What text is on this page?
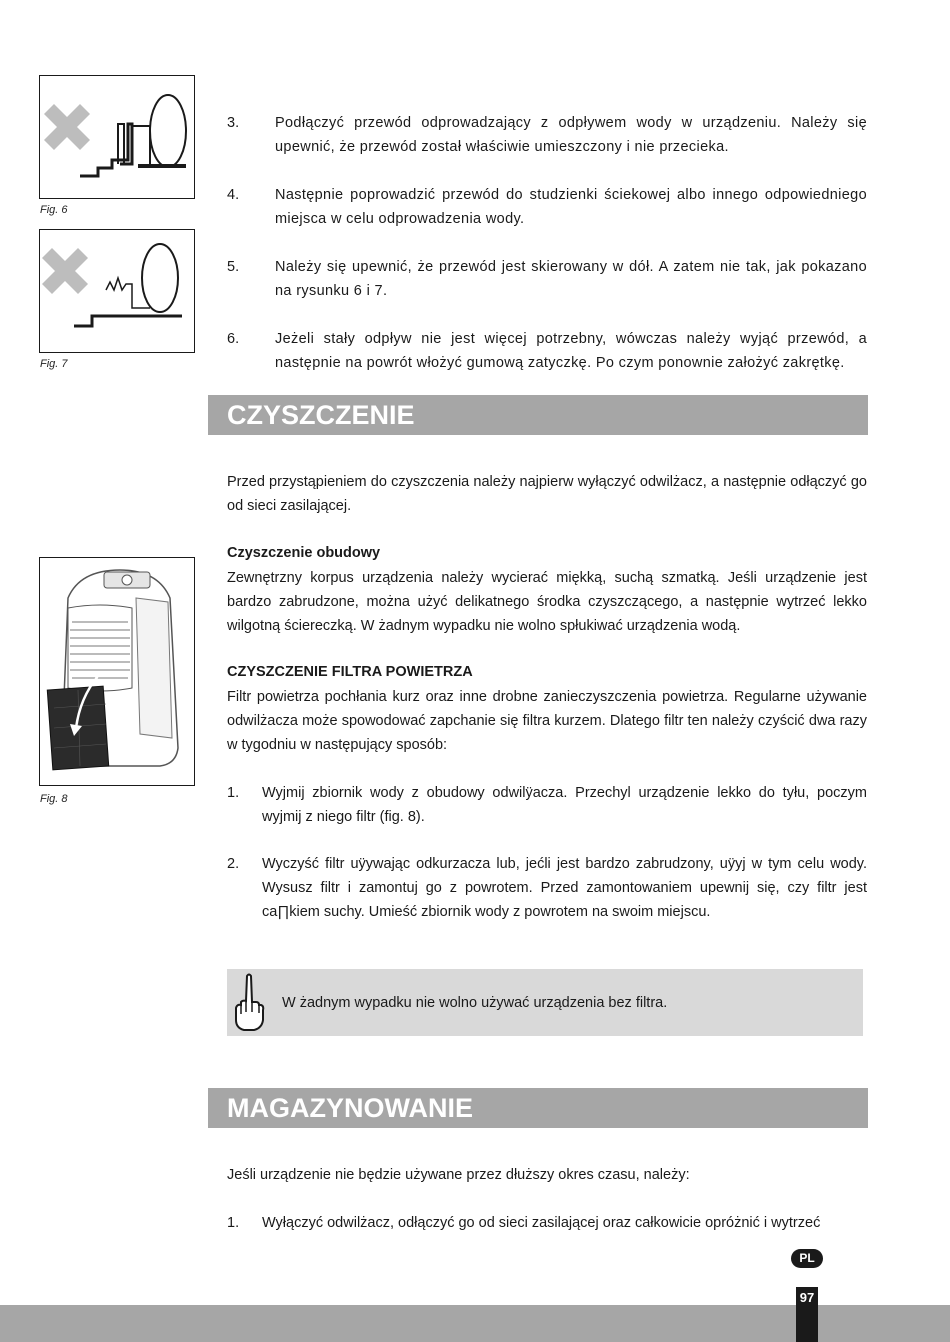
Fig. 6
Fig. 7
3. Podłączyć przewód odprowadzający z odpływem wody w urządzeniu. Należy się upewnić, że przewód został właściwie umieszczony i nie przecieka.
4. Następnie poprowadzić przewód do studzienki ściekowej albo innego odpowiedniego miejsca w celu odprowadzenia wody.
5. Należy się upewnić, że przewód jest skierowany w dół. A zatem nie tak, jak pokazano na rysunku 6 i 7.
6. Jeżeli stały odpływ nie jest więcej potrzebny, wówczas należy wyjąć przewód, a następnie na powrót włożyć gumową zatyczkę. Po czym ponownie założyć zakrętkę.
CZYSZCZENIE
Przed przystąpieniem do czyszczenia należy najpierw wyłączyć odwilżacz, a następnie odłączyć go od sieci zasilającej.
Fig. 8
Czyszczenie obudowy
Zewnętrzny korpus urządzenia należy wycierać miękką, suchą szmatką. Jeśli urządzenie jest bardzo zabrudzone, można użyć delikatnego środka czyszczącego, a następnie wytrzeć lekko wilgotną ściereczką. W żadnym wypadku nie wolno spłukiwać urządzenia wodą.
CZYSZCZENIE FILTRA POWIETRZA
Filtr powietrza pochłania kurz oraz inne drobne zanieczyszczenia powietrza. Regularne używanie odwilżacza może spowodować zapchanie się filtra kurzem. Dlatego filtr ten należy czyścić dwa razy w tygodniu w następujący sposób:
1. Wyjmij zbiornik wody z obudowy odwilÿacza. Przechyl urządzenie lekko do tyłu, poczym wyjmij z niego filtr (fig. 8).
2. Wyczyść filtr uÿywając odkurzacza lub, jećli jest bardzo zabrudzony, uÿyj w tym celu wody. Wysusz filtr i zamontuj go z powrotem. Przed zamontowaniem upewnij się, czy filtr jest ca∏kiem suchy. Umieść zbiornik wody z powrotem na swoim miejscu.
W żadnym wypadku nie wolno używać urządzenia bez filtra.
MAGAZYNOWANIE
Jeśli urządzenie nie będzie używane przez dłuższy okres czasu, należy:
1. Wyłączyć odwilżacz, odłączyć go od sieci zasilającej oraz całkowicie opróżnić i wytrzeć
PL
97
